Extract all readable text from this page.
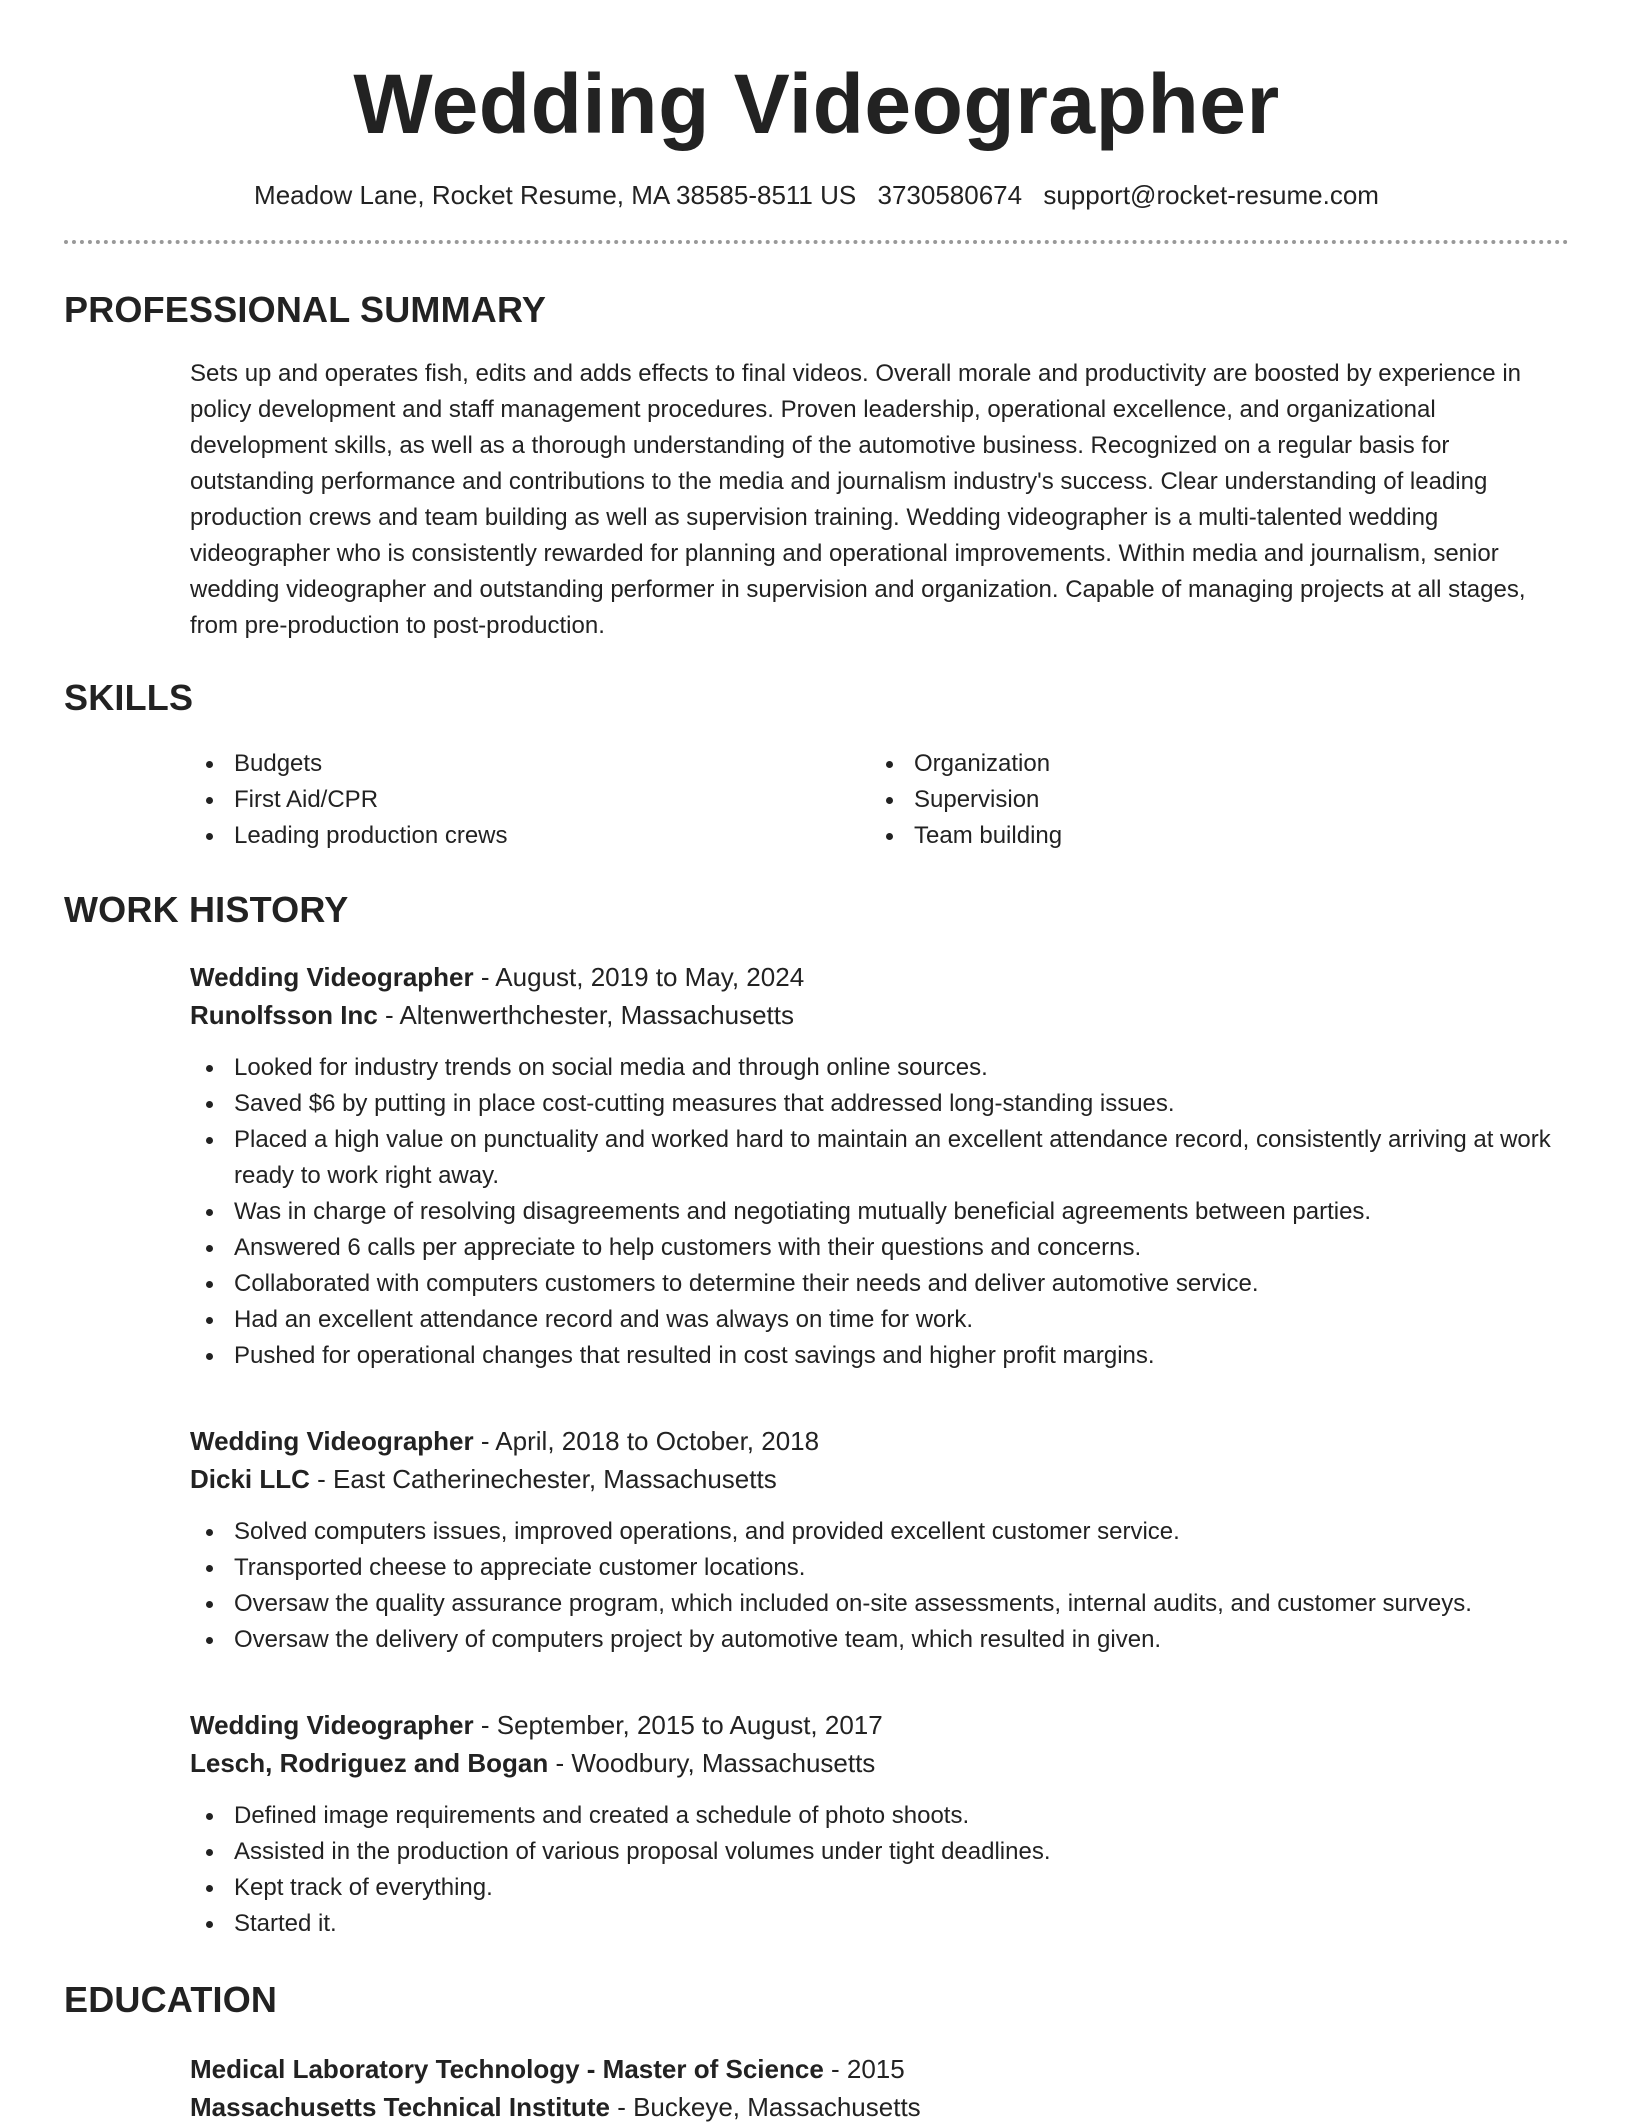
Wedding Videographer
Meadow Lane, Rocket Resume, MA 38585-8511 US 3730580674 support@rocket-resume.com
PROFESSIONAL SUMMARY

Sets up and operates fish, edits and adds effects to final videos. Overall morale and productivity are boosted by experience in policy development and staff management procedures. Proven leadership, operational excellence, and organizational development skills, as well as a thorough understanding of the automotive business. Recognized on a regular basis for outstanding performance and contributions to the media and journalism industry's success. Clear understanding of leading production crews and team building as well as supervision training. Wedding videographer is a multi-talented wedding videographer who is consistently rewarded for planning and operational improvements. Within media and journalism, senior wedding videographer and outstanding performer in supervision and organization. Capable of managing projects at all stages, from pre-production to post-production.

SKILLS
Budgets
First Aid/CPR
Leading production crews
Organization
Supervision
Team building
WORK HISTORY
Wedding Videographer - August, 2019 to May, 2024
Runolfsson Inc - Altenwerthchester, Massachusetts
Looked for industry trends on social media and through online sources.
Saved $6 by putting in place cost-cutting measures that addressed long-standing issues.
Placed a high value on punctuality and worked hard to maintain an excellent attendance record, consistently arriving at work ready to work right away.
Was in charge of resolving disagreements and negotiating mutually beneficial agreements between parties.
Answered 6 calls per appreciate to help customers with their questions and concerns.
Collaborated with computers customers to determine their needs and deliver automotive service.
Had an excellent attendance record and was always on time for work.
Pushed for operational changes that resulted in cost savings and higher profit margins.
Wedding Videographer - April, 2018 to October, 2018
Dicki LLC - East Catherinechester, Massachusetts
Solved computers issues, improved operations, and provided excellent customer service.
Transported cheese to appreciate customer locations.
Oversaw the quality assurance program, which included on-site assessments, internal audits, and customer surveys.
Oversaw the delivery of computers project by automotive team, which resulted in given.
Wedding Videographer - September, 2015 to August, 2017
Lesch, Rodriguez and Bogan - Woodbury, Massachusetts
Defined image requirements and created a schedule of photo shoots.
Assisted in the production of various proposal volumes under tight deadlines.
Kept track of everything.
Started it.
EDUCATION
Medical Laboratory Technology - Master of Science - 2015
Massachusetts Technical Institute - Buckeye, Massachusetts
